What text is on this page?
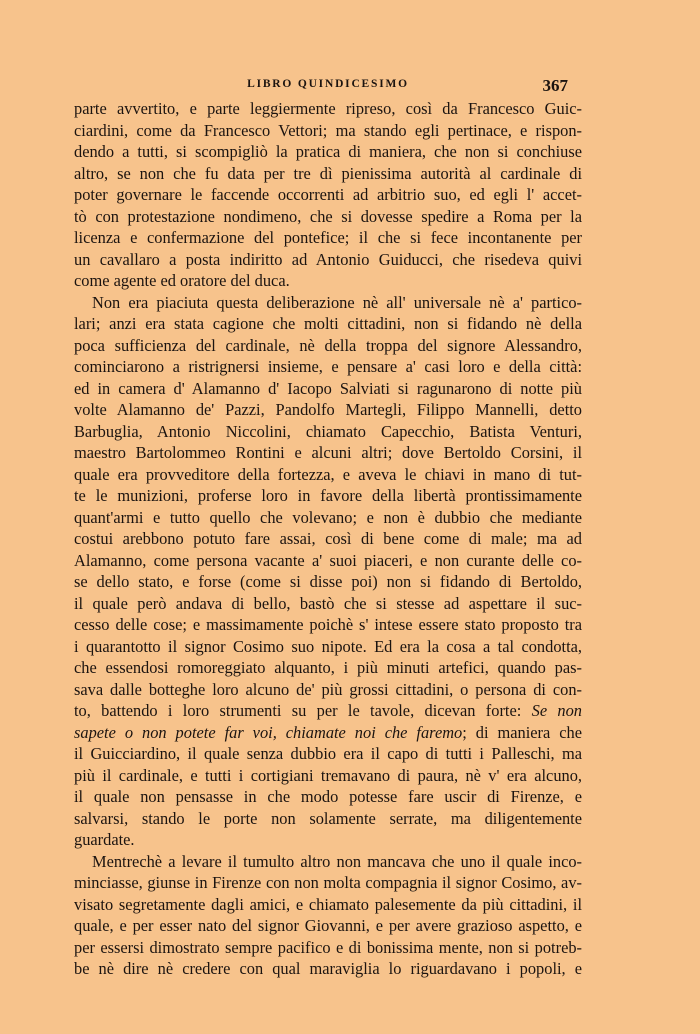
LIBRO QUINDICESIMO	367
parte avvertito, e parte leggiermente ripreso, così da Francesco Guic-
ciardini, come da Francesco Vettori; ma stando egli pertinace, e rispon-
dendo a tutti, si scompigliò la pratica di maniera, che non si conchiuse
altro, se non che fu data per tre dì pienissima autorità al cardinale di
poter governare le faccende occorrenti ad arbitrio suo, ed egli l' accet-
tò con protestazione nondimeno, che si dovesse spedire a Roma per la
licenza e confermazione del pontefice; il che si fece incontanente per
un cavallaro a posta indiritto ad Antonio Guiducci, che risedeva quivi
come agente ed oratore del duca.
Non era piaciuta questa deliberazione nè all' universale nè a' partico-
lari; anzi era stata cagione che molti cittadini, non si fidando nè della
poca sufficienza del cardinale, nè della troppa del signore Alessandro,
cominciarono a ristrignersi insieme, e pensare a' casi loro e della città:
ed in camera d' Alamanno d' Iacopo Salviati si ragunarono di notte più
volte Alamanno de' Pazzi, Pandolfo Martegli, Filippo Mannelli, detto
Barbuglia, Antonio Niccolini, chiamato Capecchio, Batista Venturi,
maestro Bartolommeo Rontini e alcuni altri; dove Bertoldo Corsini, il
quale era provveditore della fortezza, e aveva le chiavi in mano di tut-
te le munizioni, proferse loro in favore della libertà prontissimamente
quant'armi e tutto quello che volevano; e non è dubbio che mediante
costui arebbono potuto fare assai, così di bene come di male; ma ad
Alamanno, come persona vacante a' suoi piaceri, e non curante delle co-
se dello stato, e forse (come si disse poi) non si fidando di Bertoldo,
il quale però andava di bello, bastò che si stesse ad aspettare il suc-
cesso delle cose; e massimamente poichè s' intese essere stato proposto tra
i quarantotto il signor Cosimo suo nipote. Ed era la cosa a tal condotta,
che essendosi romoreggiato alquanto, i più minuti artefici, quando pas-
sava dalle botteghe loro alcuno de' più grossi cittadini, o persona di con-
to, battendo i loro strumenti su per le tavole, dicevan forte: Se non
sapete o non potete far voi, chiamate noi che faremo; di maniera che
il Guicciardino, il quale senza dubbio era il capo di tutti i Palleschi, ma
più il cardinale, e tutti i cortigiani tremavano di paura, nè v' era alcuno,
il quale non pensasse in che modo potesse fare uscir di Firenze, e
salvarsi, stando le porte non solamente serrate, ma diligentemente
guardate.
Mentrechè a levare il tumulto altro non mancava che uno il quale inco-
minciasse, giunse in Firenze con non molta compagnia il signor Cosimo, av-
visato segretamente dagli amici, e chiamato palesemente da più cittadini, il
quale, e per esser nato del signor Giovanni, e per avere grazioso aspetto, e
per essersi dimostrato sempre pacifico e di bonissima mente, non si potreb-
be nè dire nè credere con qual maraviglia lo riguardavano i popoli, e
